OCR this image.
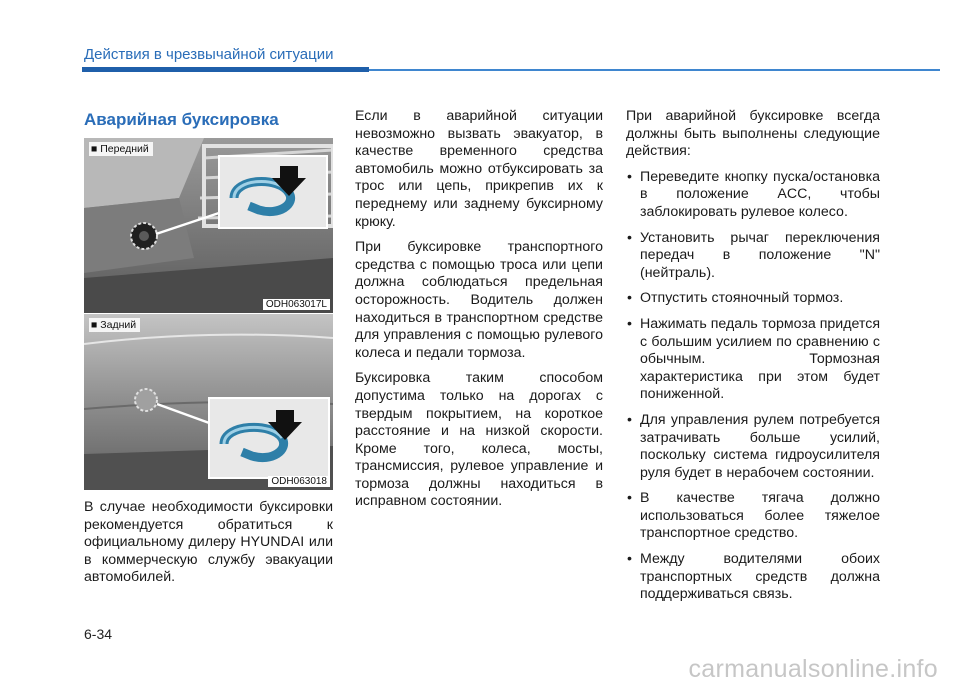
Действия в чрезвычайной ситуации
Аварийная буксировка
■ Передний
ODH063017L
■ Задний
ODH063018

В случае необходимости буксировки рекомендуется обратиться к официальному дилеру HYUNDAI или в коммерческую службу эвакуации автомобилей.

Если в аварийной ситуации невозможно вызвать эвакуатор, в качестве временного средства автомобиль можно отбуксировать за трос или цепь, прикрепив их к переднему или заднему буксирному крюку.

При буксировке транспортного средства с помощью троса или цепи должна соблюдаться предельная осторожность. Водитель должен находиться в транспортном средстве для управления с помощью рулевого колеса и педали тормоза.

Буксировка таким способом допустима только на дорогах с твердым покрытием, на короткое расстояние и на низкой скорости. Кроме того, колеса, мосты, трансмиссия, рулевое управление и тормоза должны находиться в исправном состоянии.

При аварийной буксировке всегда должны быть выполнены следующие действия:

• Переведите кнопку пуска/остановка в положение ACC, чтобы заблокировать рулевое колесо.
• Установить рычаг переключения передач в положение "N" (нейтраль).
• Отпустить стояночный тормоз.
• Нажимать педаль тормоза придется с большим усилием по сравнению с обычным. Тормозная характеристика при этом будет пониженной.
• Для управления рулем потребуется затрачивать больше усилий, поскольку система гидроусилителя руля будет в нерабочем состоянии.
• В качестве тягача должно использоваться более тяжелое транспортное средство.
• Между водителями обоих транспортных средств должна поддерживаться связь.
6-34
carmanualsonline.info
